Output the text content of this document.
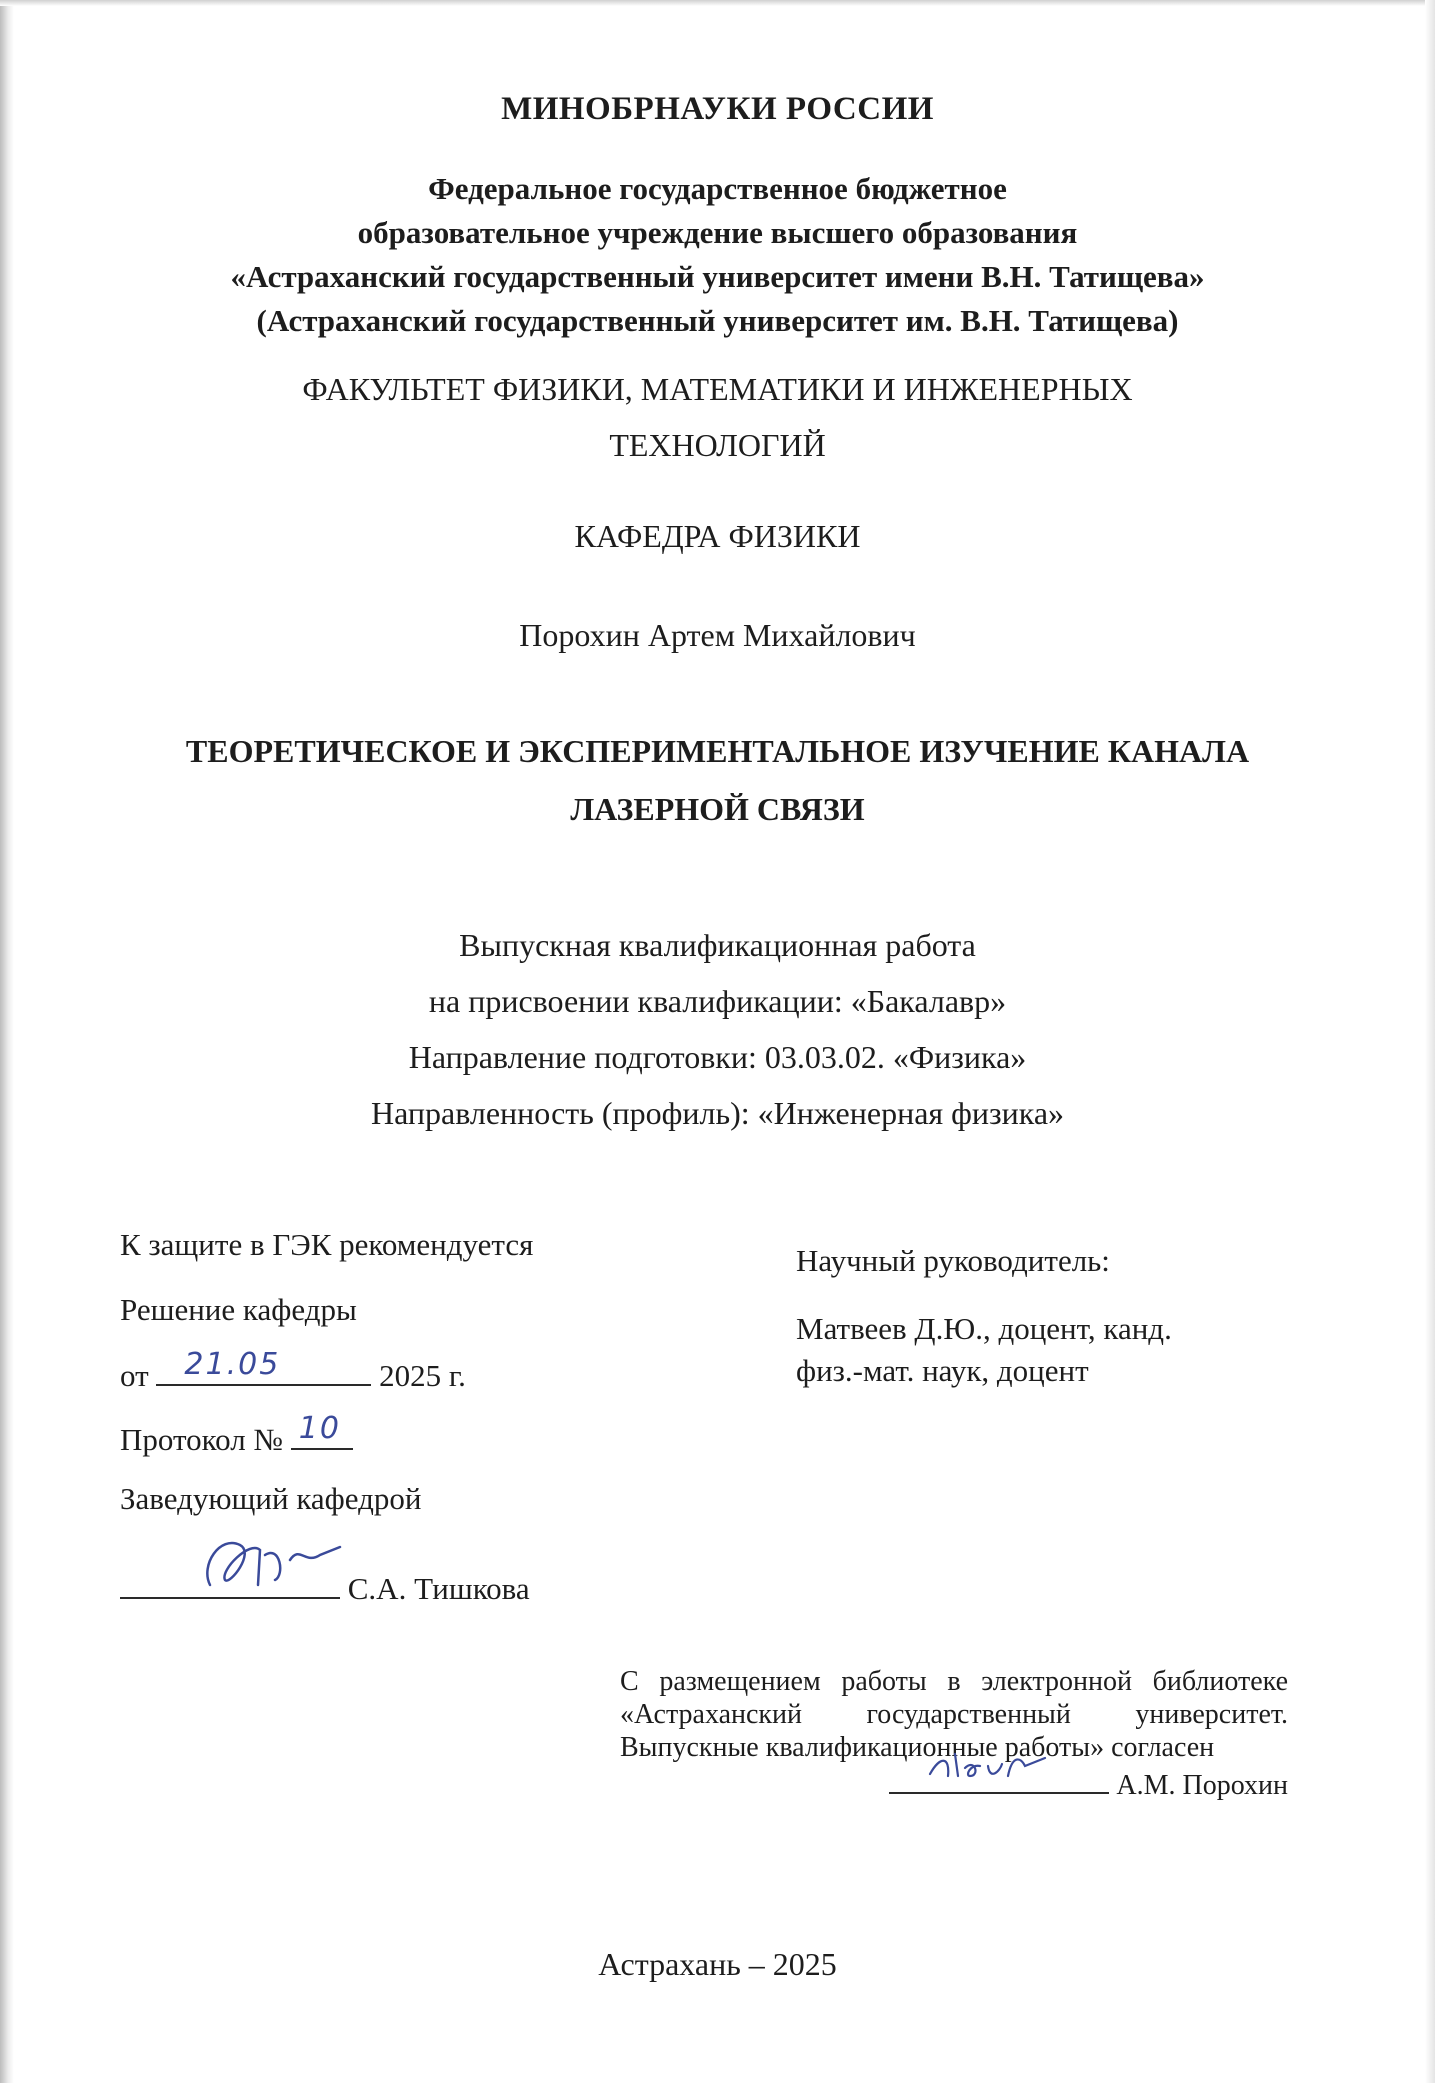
МИНОБРНАУКИ РОССИИ
Федеральное государственное бюджетное
образовательное учреждение высшего образования
«Астраханский государственный университет имени В.Н. Татищева»
(Астраханский государственный университет им. В.Н. Татищева)
ФАКУЛЬТЕТ ФИЗИКИ, МАТЕМАТИКИ И ИНЖЕНЕРНЫХ
ТЕХНОЛОГИЙ
КАФЕДРА ФИЗИКИ
Порохин Артем Михайлович
ТЕОРЕТИЧЕСКОЕ И ЭКСПЕРИМЕНТАЛЬНОЕ ИЗУЧЕНИЕ КАНАЛА
ЛАЗЕРНОЙ СВЯЗИ
Выпускная квалификационная работа
на присвоении квалификации: «Бакалавр»
Направление подготовки: 03.03.02. «Физика»
Направленность (профиль): «Инженерная физика»
К защите в ГЭК рекомендуется
Решение кафедры
от 21.05	2025 г.
Протокол № 10
Заведующий кафедрой
С.А. Тишкова
Научный руководитель:
Матвеев Д.Ю., доцент, канд.
физ.-мат. наук, доцент
С размещением работы в электронной библиотеке
«Астраханский государственный университет.
Выпускные квалификационные работы» согласен
А.М. Порохин
Астрахань – 2025
